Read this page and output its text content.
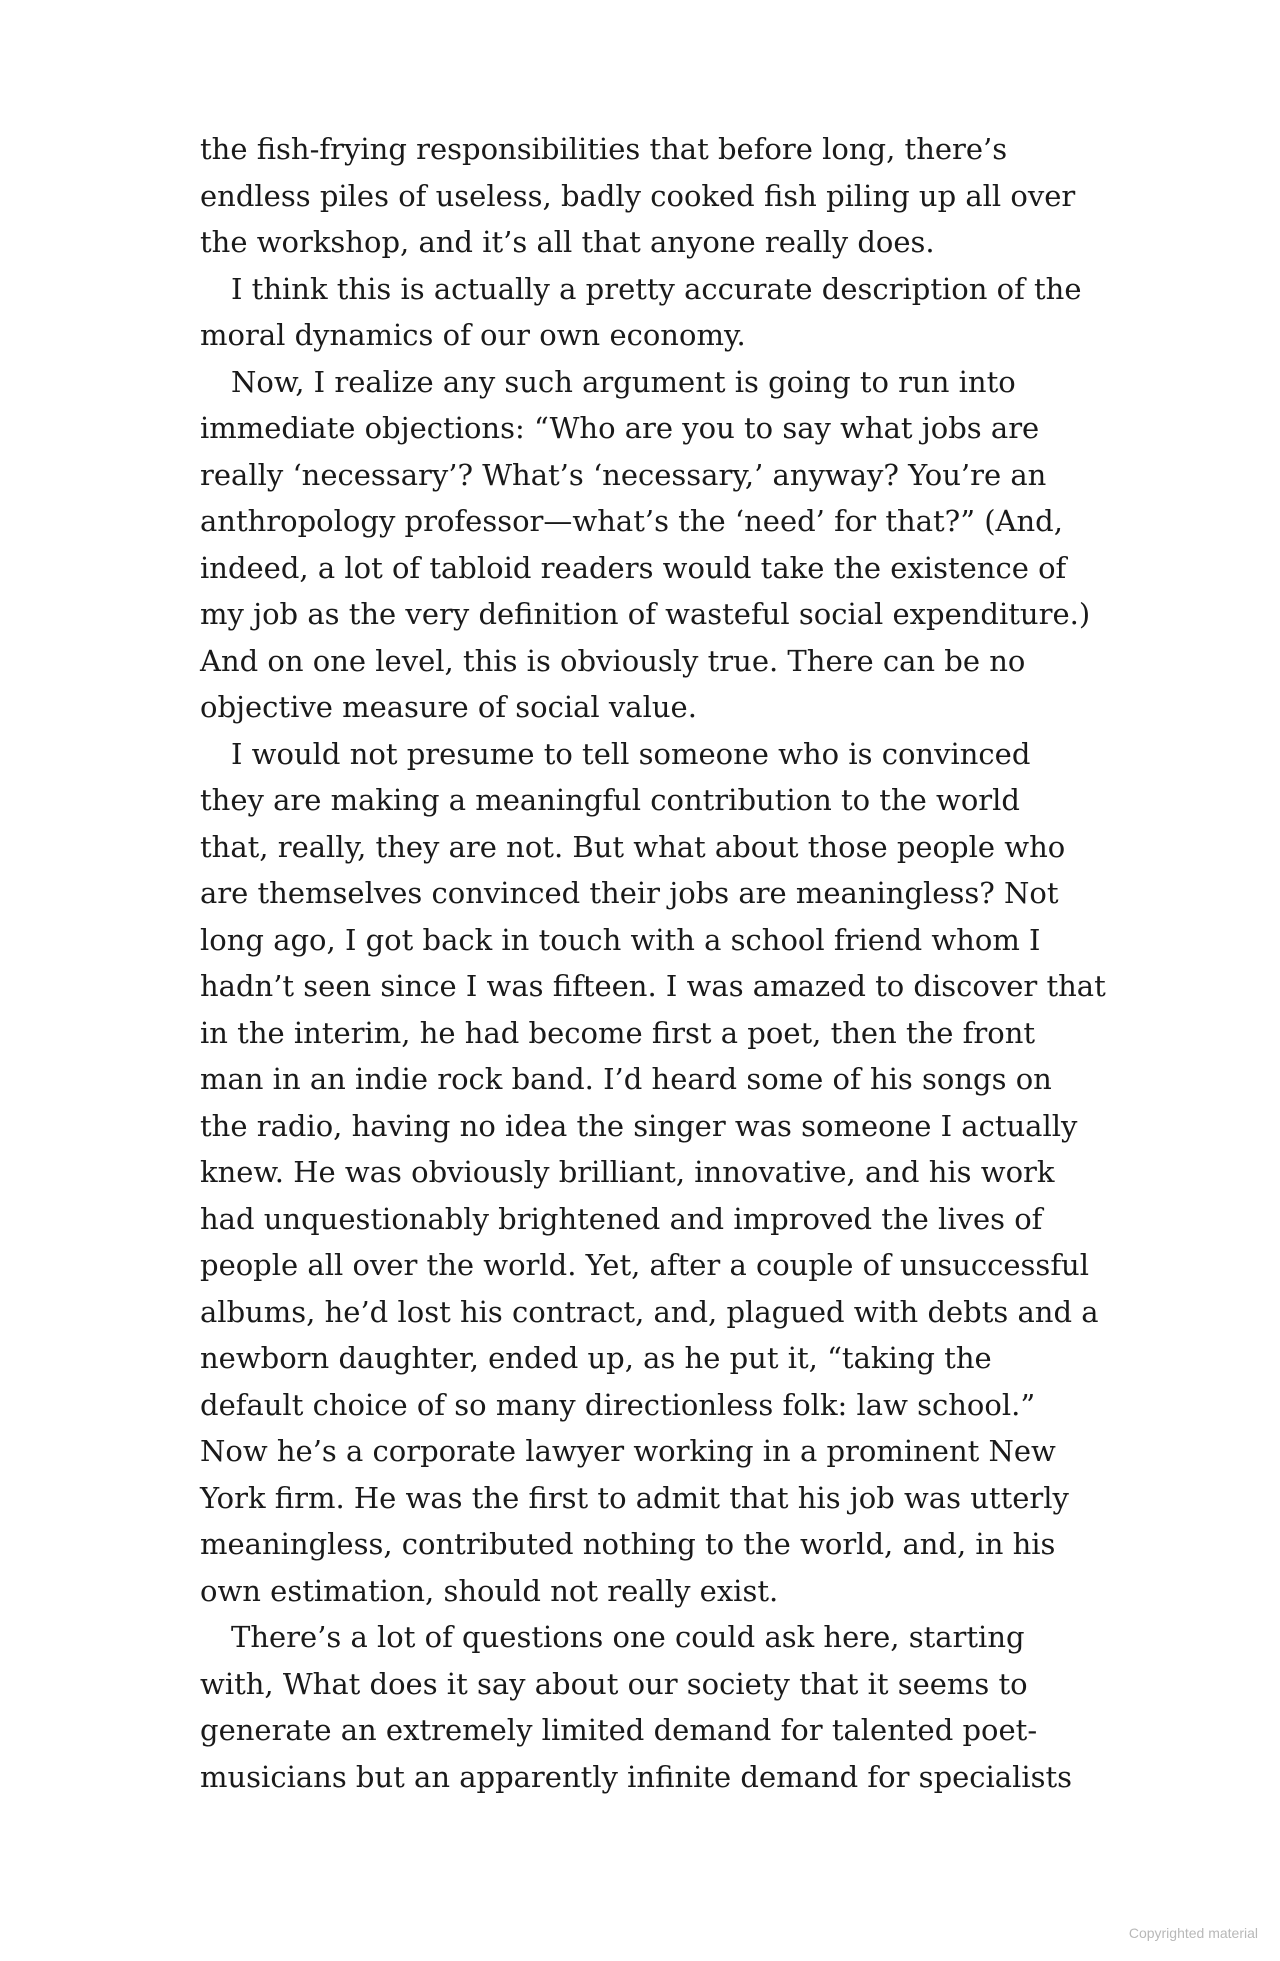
the fish-frying responsibilities that before long, there’s
endless piles of useless, badly cooked fish piling up all over
the workshop, and it’s all that anyone really does.
I think this is actually a pretty accurate description of the
moral dynamics of our own economy.
Now, I realize any such argument is going to run into
immediate objections: “Who are you to say what jobs are
really ‘necessary’? What’s ‘necessary,’ anyway? You’re an
anthropology professor—what’s the ‘need’ for that?” (And,
indeed, a lot of tabloid readers would take the existence of
my job as the very definition of wasteful social expenditure.)
And on one level, this is obviously true. There can be no
objective measure of social value.
I would not presume to tell someone who is convinced
they are making a meaningful contribution to the world
that, really, they are not. But what about those people who
are themselves convinced their jobs are meaningless? Not
long ago, I got back in touch with a school friend whom I
hadn’t seen since I was fifteen. I was amazed to discover that
in the interim, he had become first a poet, then the front
man in an indie rock band. I’d heard some of his songs on
the radio, having no idea the singer was someone I actually
knew. He was obviously brilliant, innovative, and his work
had unquestionably brightened and improved the lives of
people all over the world. Yet, after a couple of unsuccessful
albums, he’d lost his contract, and, plagued with debts and a
newborn daughter, ended up, as he put it, “taking the
default choice of so many directionless folk: law school.”
Now he’s a corporate lawyer working in a prominent New
York firm. He was the first to admit that his job was utterly
meaningless, contributed nothing to the world, and, in his
own estimation, should not really exist.
There’s a lot of questions one could ask here, starting
with, What does it say about our society that it seems to
generate an extremely limited demand for talented poet-
musicians but an apparently infinite demand for specialists
Copyrighted material
